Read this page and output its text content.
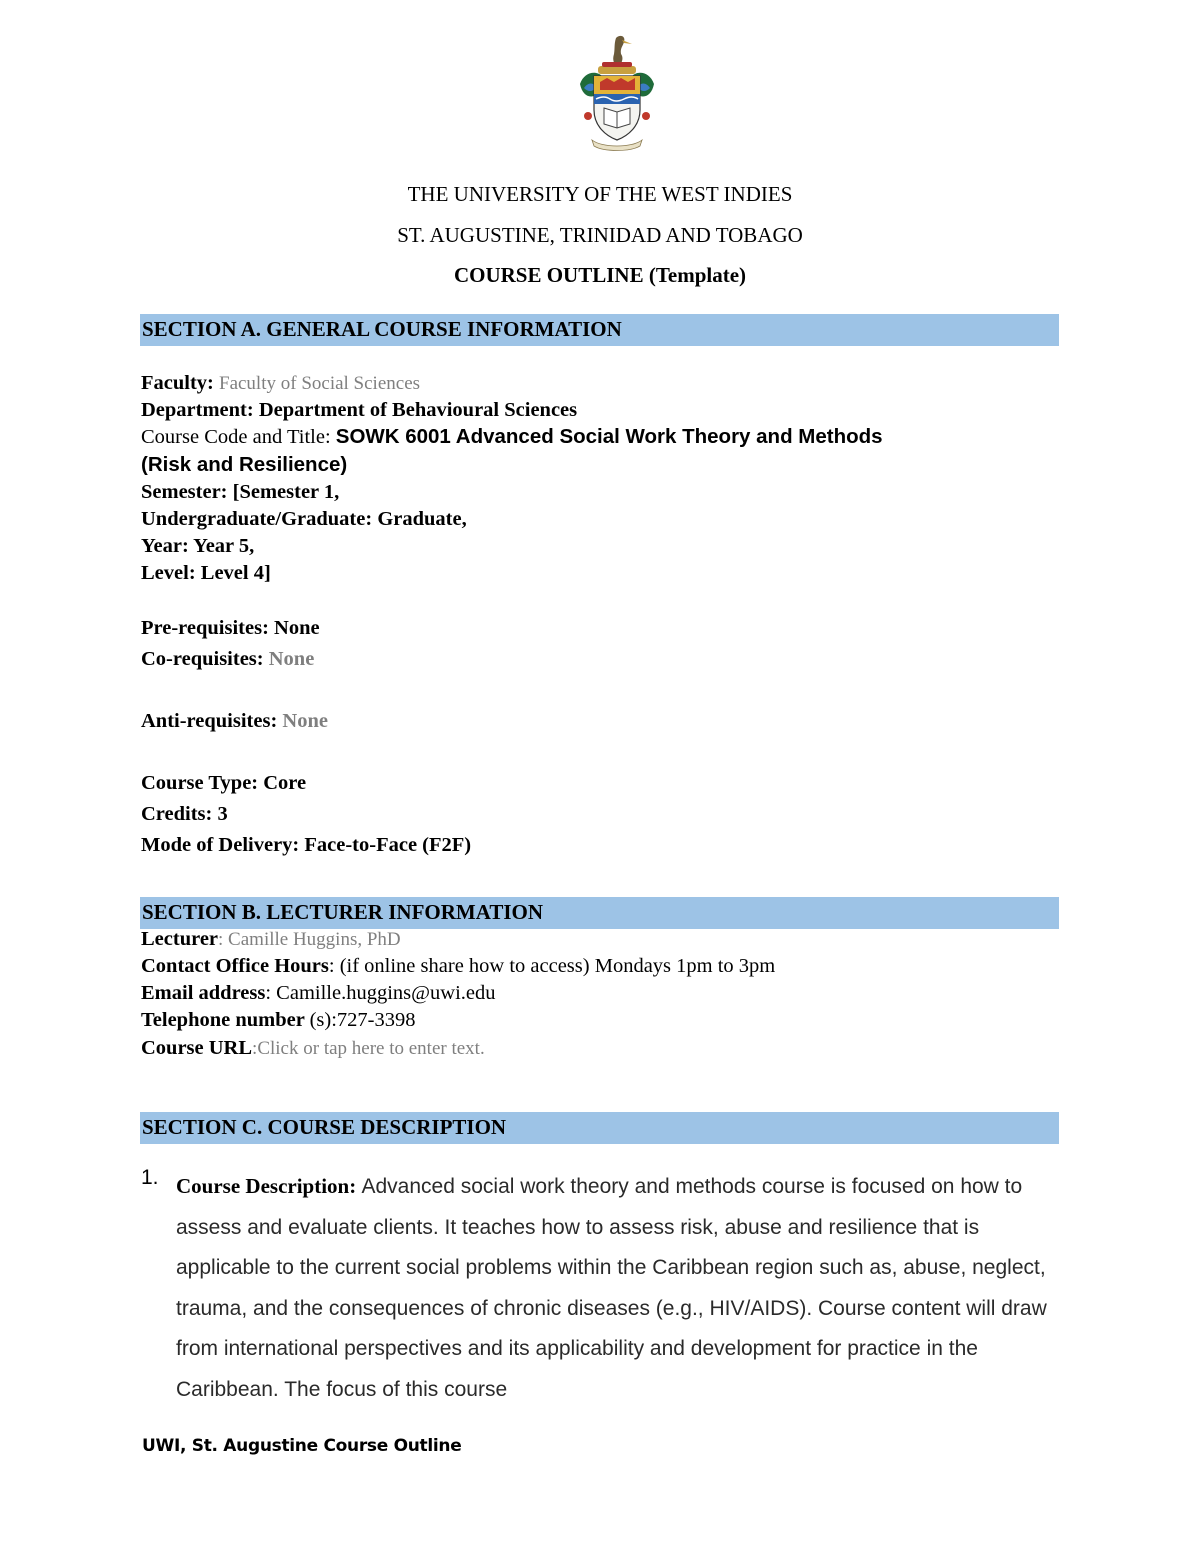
THE UNIVERSITY OF THE WEST INDIES
ST. AUGUSTINE, TRINIDAD AND TOBAGO
COURSE OUTLINE (Template)
SECTION A. GENERAL COURSE INFORMATION
Faculty: Faculty of Social Sciences
Department: Department of Behavioural Sciences
Course Code and Title: SOWK 6001 Advanced Social Work Theory and Methods
(Risk and Resilience)
Semester: [Semester 1,
Undergraduate/Graduate: Graduate,
Year: Year 5,
Level: Level 4]
Pre-requisites: None
Co-requisites: None
Anti-requisites: None
Course Type: Core
Credits: 3
Mode of Delivery: Face-to-Face (F2F)
SECTION B. LECTURER INFORMATION
Lecturer: Camille Huggins, PhD
Contact Office Hours: (if online share how to access) Mondays 1pm to 3pm
Email address: Camille.huggins@uwi.edu
Telephone number (s):727-3398
Course URL:Click or tap here to enter text.
SECTION C. COURSE DESCRIPTION
1. Course Description: Advanced social work theory and methods course is focused on how to assess and evaluate clients. It teaches how to assess risk, abuse and resilience that is applicable to the current social problems within the Caribbean region such as, abuse, neglect, trauma, and the consequences of chronic diseases (e.g., HIV/AIDS). Course content will draw from international perspectives and its applicability and development for practice in the Caribbean. The focus of this course
UWI, St. Augustine Course Outline
